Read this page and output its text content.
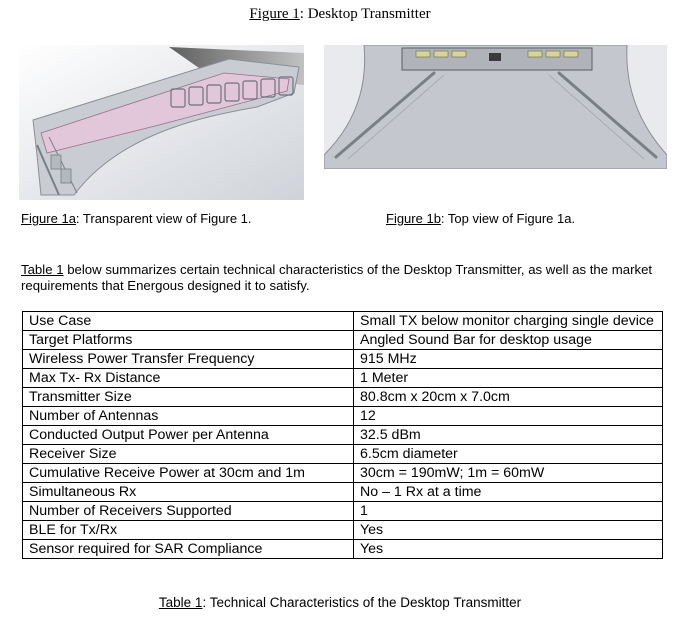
Figure 1: Desktop Transmitter
Figure 1a: Transparent view of Figure 1.	Figure 1b: Top view of Figure 1a.
Table 1 below summarizes certain technical characteristics of the Desktop Transmitter, as well as the market requirements that Energous designed it to satisfy.
Use Case	Small TX below monitor charging single device
Target Platforms	Angled Sound Bar for desktop usage
Wireless Power Transfer Frequency	915 MHz
Max Tx- Rx Distance	1 Meter
Transmitter Size	80.8cm x 20cm x 7.0cm
Number of Antennas	12
Conducted Output Power per Antenna	32.5 dBm
Receiver Size	6.5cm diameter
Cumulative Receive Power at 30cm and 1m	30cm = 190mW; 1m = 60mW
Simultaneous Rx	No – 1 Rx at a time
Number of Receivers Supported	1
BLE for Tx/Rx	Yes
Sensor required for SAR Compliance	Yes
Table 1: Technical Characteristics of the Desktop Transmitter
